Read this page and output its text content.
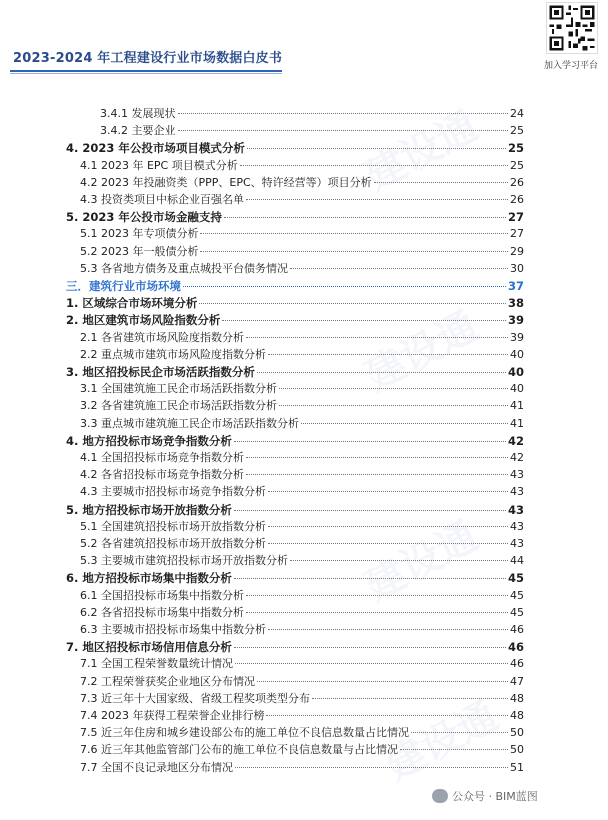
2023-2024 年工程建设行业市场数据白皮书	加入学习平台
建设通
建设通
建设通
建设通
3.4.1 发展现状	24
3.4.2 主要企业	25
4. 2023 年公投市场项目模式分析	25
4.1 2023 年 EPC 项目模式分析	25
4.2 2023 年投融资类（PPP、EPC、特许经营等）项目分析	26
4.3 投资类项目中标企业百强名单	26
5. 2023 年公投市场金融支持	27
5.1 2023 年专项债分析	27
5.2 2023 年一般债分析	29
5.3 各省地方债务及重点城投平台债务情况	30
三．建筑行业市场环境	37
1. 区域综合市场环境分析	38
2. 地区建筑市场风险指数分析	39
2.1 各省建筑市场风险度指数分析	39
2.2 重点城市建筑市场风险度指数分析	40
3. 地区招投标民企市场活跃指数分析	40
3.1 全国建筑施工民企市场活跃指数分析	40
3.2 各省建筑施工民企市场活跃指数分析	41
3.3 重点城市建筑施工民企市场活跃指数分析	41
4. 地方招投标市场竞争指数分析	42
4.1 全国招投标市场竞争指数分析	42
4.2 各省招投标市场竞争指数分析	43
4.3 主要城市招投标市场竞争指数分析	43
5. 地方招投标市场开放指数分析	43
5.1 全国建筑招投标市场开放指数分析	43
5.2 各省建筑招投标市场开放指数分析	43
5.3 主要城市建筑招投标市场开放指数分析	44
6. 地方招投标市场集中指数分析	45
6.1 全国招投标市场集中指数分析	45
6.2 各省招投标市场集中指数分析	45
6.3 主要城市招投标市场集中指数分析	46
7. 地区招投标市场信用信息分析	46
7.1 全国工程荣誉数量统计情况	46
7.2 工程荣誉获奖企业地区分布情况	47
7.3 近三年十大国家级、省级工程奖项类型分布	48
7.4 2023 年获得工程荣誉企业排行榜	48
7.5 近三年住房和城乡建设部公布的施工单位不良信息数量占比情况	50
7.6 近三年其他监管部门公布的施工单位不良信息数量与占比情况	50
7.7 全国不良记录地区分布情况	51
公众号 · BIM蓝图
